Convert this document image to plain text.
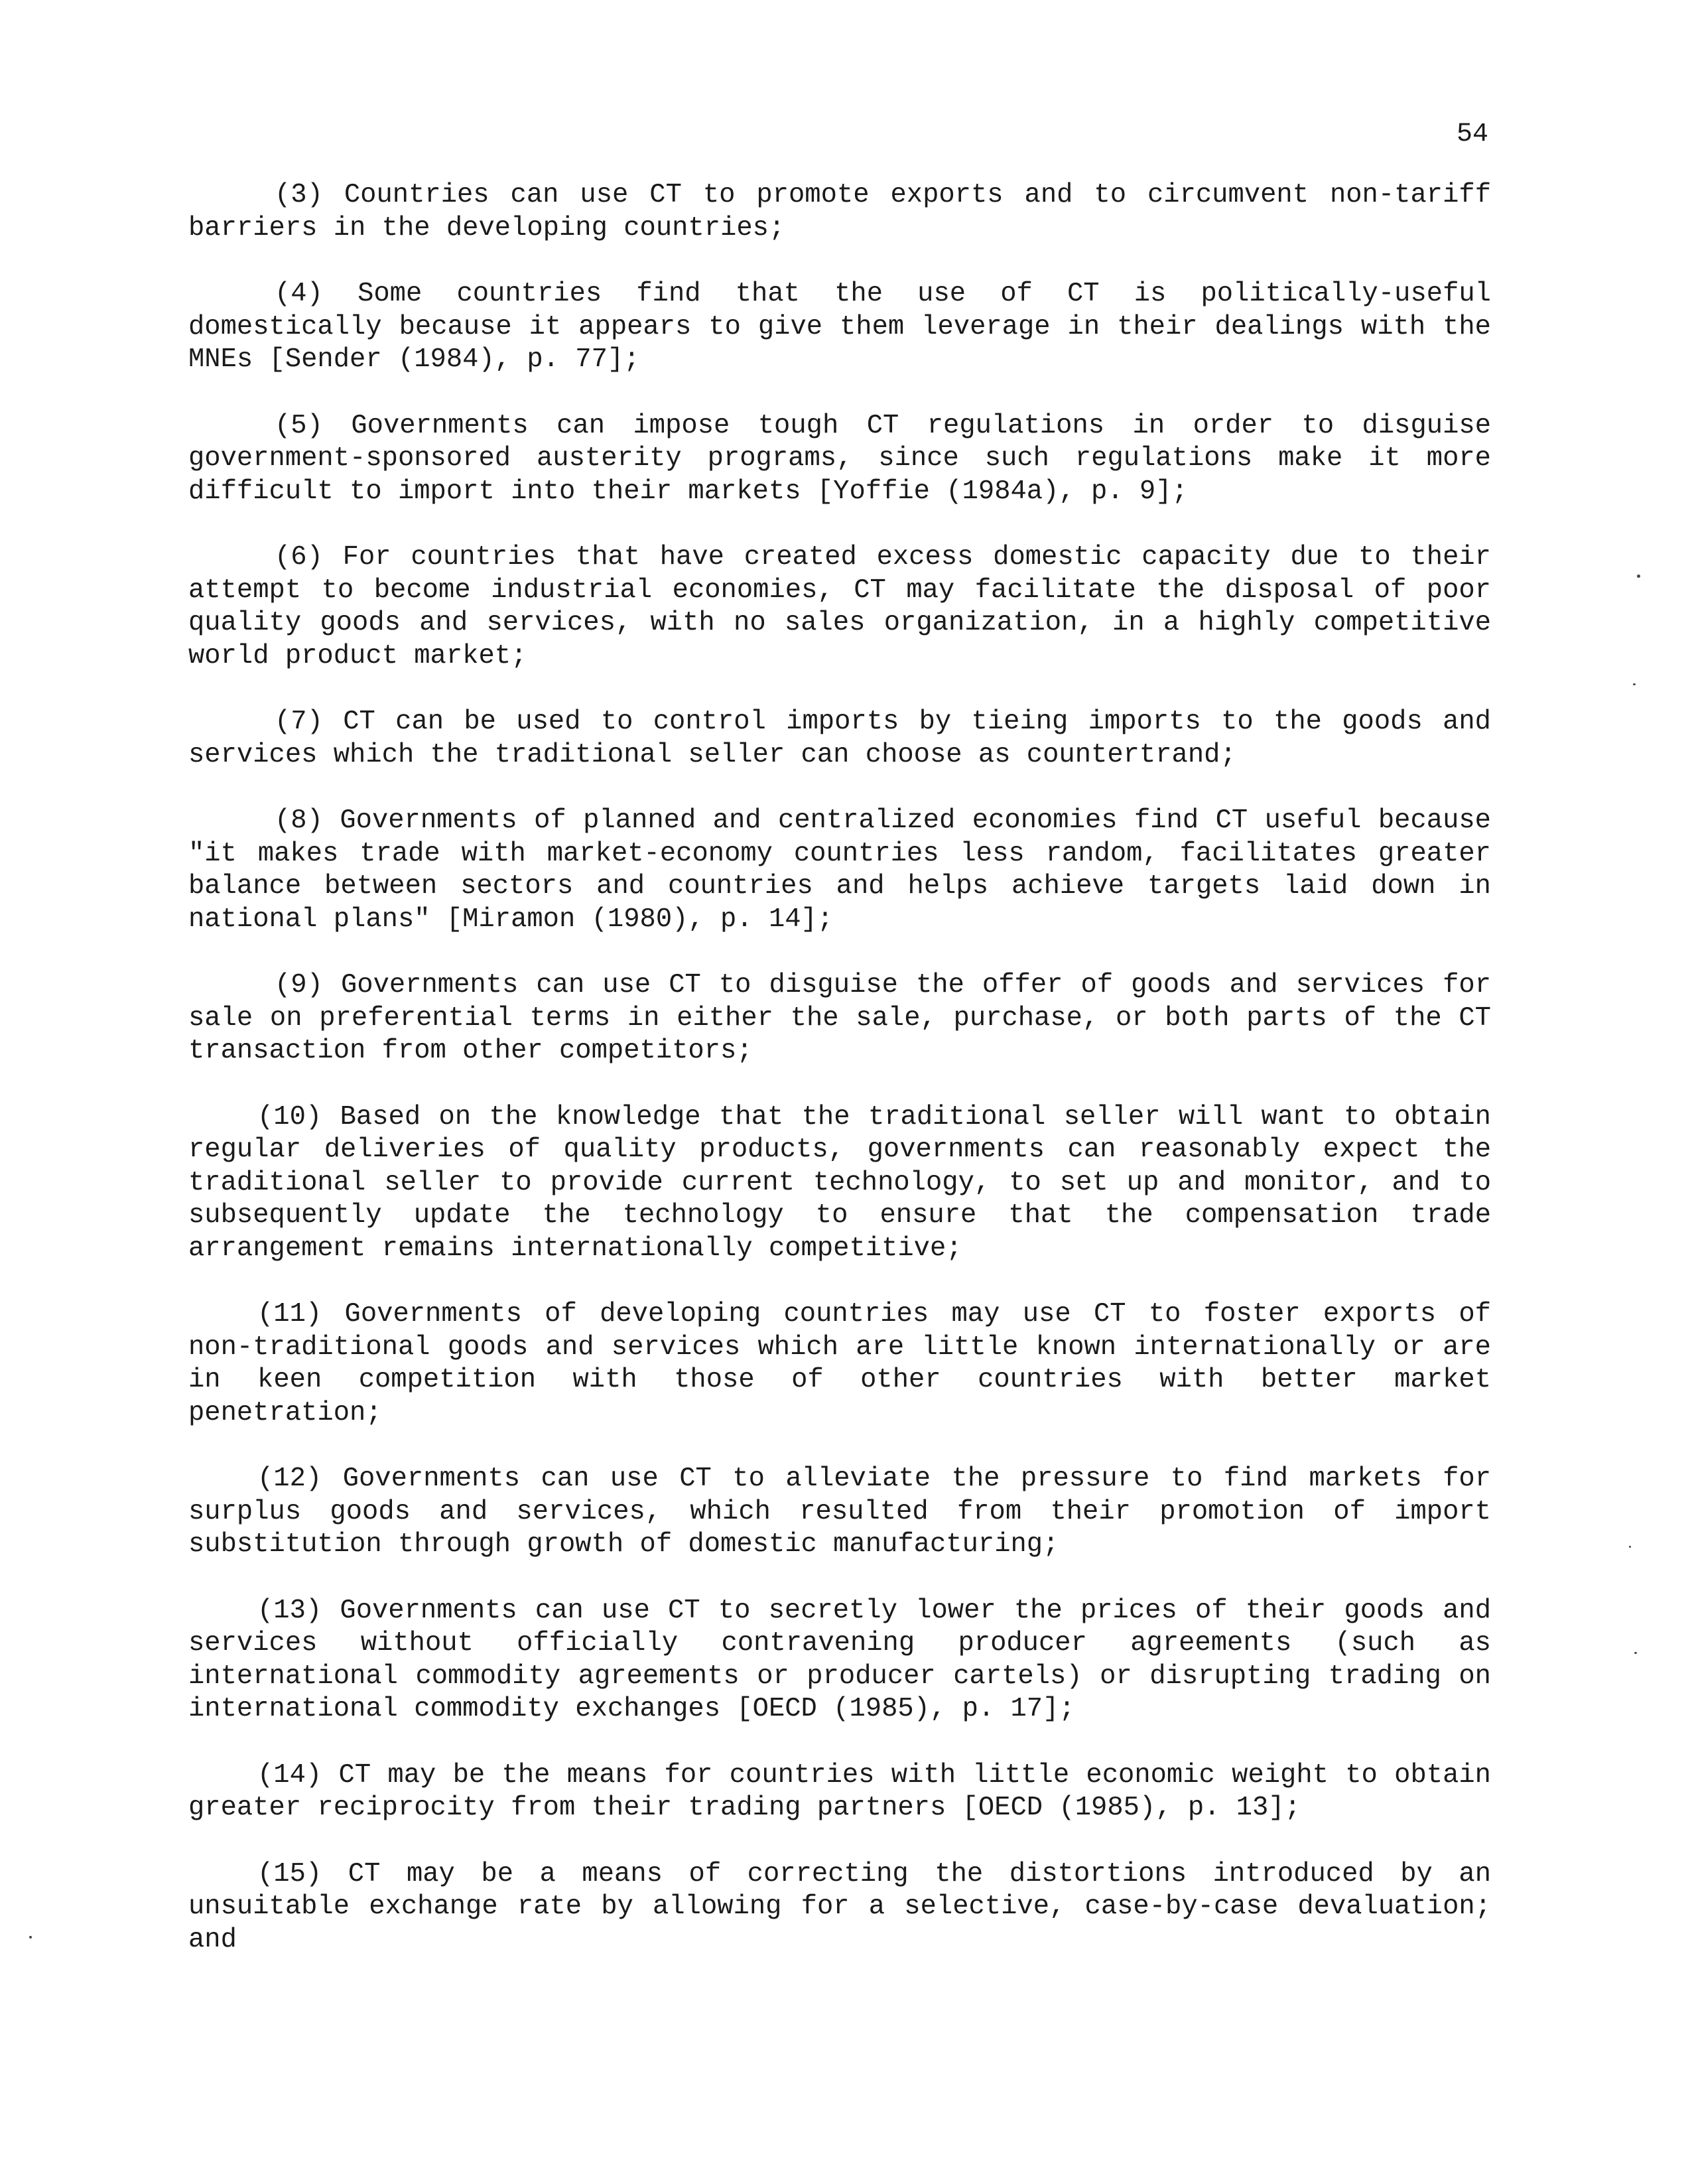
54

(3) Countries can use CT to promote exports and to circumvent non-tariff barriers in the developing countries;

(4) Some countries find that the use of CT is politically-useful domestically because it appears to give them leverage in their dealings with the MNEs [Sender (1984), p. 77];

(5) Governments can impose tough CT regulations in order to disguise government-sponsored austerity programs, since such regulations make it more difficult to import into their markets [Yoffie (1984a), p. 9];

(6) For countries that have created excess domestic capacity due to their attempt to become industrial economies, CT may facilitate the disposal of poor quality goods and services, with no sales organization, in a highly competitive world product market;

(7) CT can be used to control imports by tieing imports to the goods and services which the traditional seller can choose as countertrand;

(8) Governments of planned and centralized economies find CT useful because "it makes trade with market-economy countries less random, facilitates greater balance between sectors and countries and helps achieve targets laid down in national plans" [Miramon (1980), p. 14];

(9) Governments can use CT to disguise the offer of goods and services for sale on preferential terms in either the sale, purchase, or both parts of the CT transaction from other competitors;

(10) Based on the knowledge that the traditional seller will want to obtain regular deliveries of quality products, governments can reasonably expect the traditional seller to provide current technology, to set up and monitor, and to subsequently update the technology to ensure that the compensation trade arrangement remains internationally competitive;

(11) Governments of developing countries may use CT to foster exports of non-traditional goods and services which are little known internationally or are in keen competition with those of other countries with better market penetration;

(12) Governments can use CT to alleviate the pressure to find markets for surplus goods and services, which resulted from their promotion of import substitution through growth of domestic manufacturing;

(13) Governments can use CT to secretly lower the prices of their goods and services without officially contravening producer agreements (such as international commodity agreements or producer cartels) or disrupting trading on international commodity exchanges [OECD (1985), p. 17];

(14) CT may be the means for countries with little economic weight to obtain greater reciprocity from their trading partners [OECD (1985), p. 13];

(15) CT may be a means of correcting the distortions introduced by an unsuitable exchange rate by allowing for a selective, case-by-case devaluation; and
